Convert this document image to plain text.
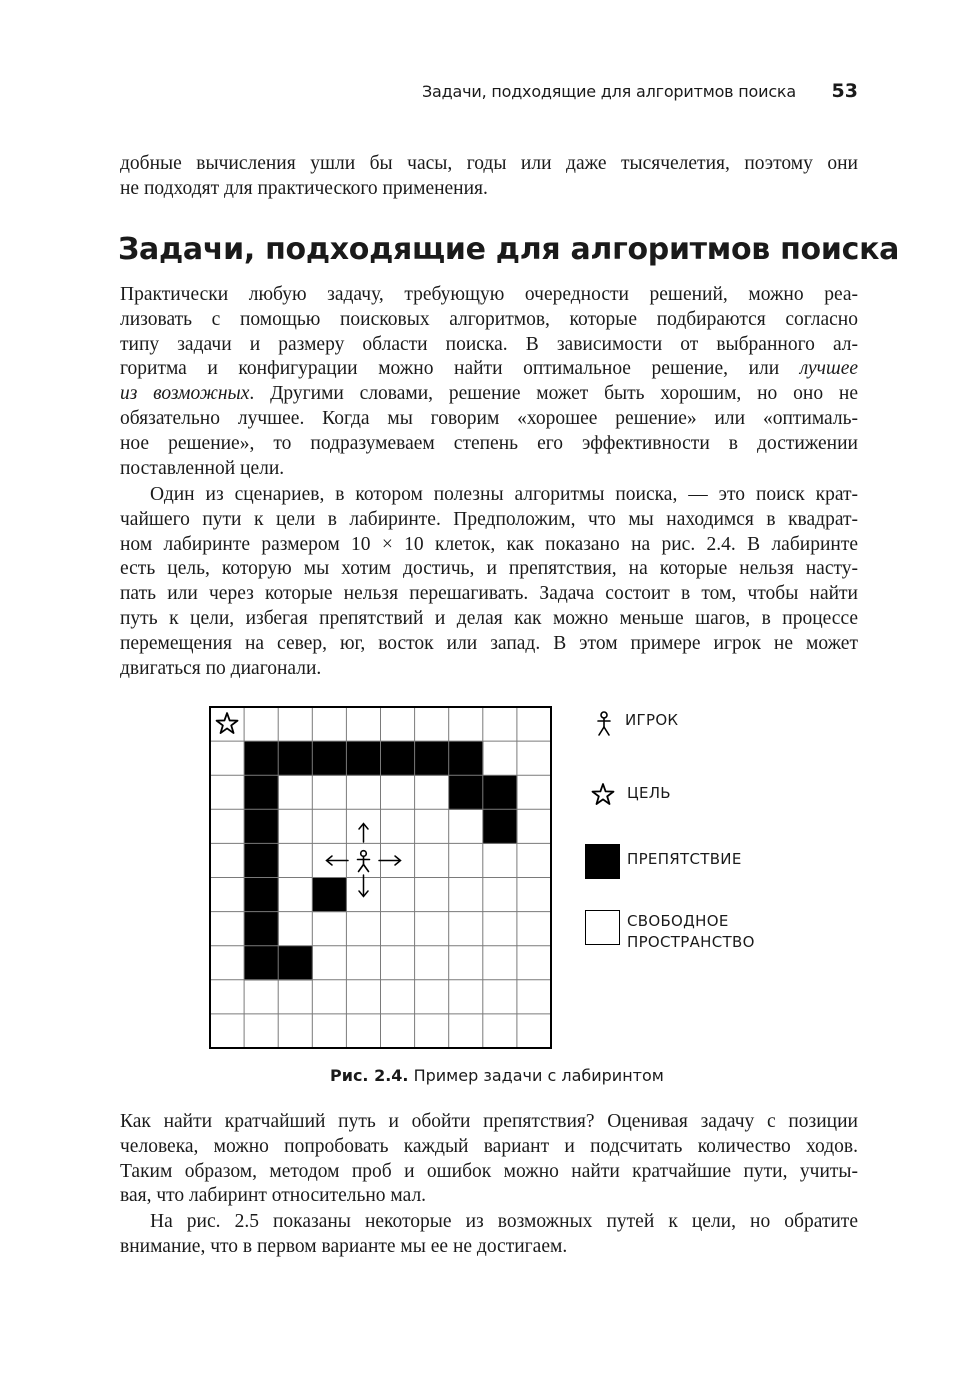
Задачи, подходящие для алгоритмов поиска 53
добные вычисления ушли бы часы, годы или даже тысячелетия, поэтому они
не подходят для практического применения.
Задачи, подходящие для алгоритмов поиска
Практически любую задачу, требующую очередности решений, можно реа-
лизовать с помощью поисковых алгоритмов, которые подбираются согласно
типу задачи и размеру области поиска. В зависимости от выбранного ал-
горитма и конфигурации можно найти оптимальное решение, или лучшее
из возможных. Другими словами, решение может быть хорошим, но оно не
обязательно лучшее. Когда мы говорим «хорошее решение» или «оптималь-
ное решение», то подразумеваем степень его эффективности в достижении
поставленной цели.
Один из сценариев, в котором полезны алгоритмы поиска, — это поиск крат-
чайшего пути к цели в лабиринте. Предположим, что мы находимся в квадрат-
ном лабиринте размером 10 × 10 клеток, как показано на рис. 2.4. В лабиринте
есть цель, которую мы хотим достичь, и препятствия, на которые нельзя насту-
пать или через которые нельзя перешагивать. Задача состоит в том, чтобы найти
путь к цели, избегая препятствий и делая как можно меньше шагов, в процессе
перемещения на север, юг, восток или запад. В этом примере игрок не может
двигаться по диагонали.
ИГРОК
ЦЕЛЬ
ПРЕПЯТСТВИЕ
СВОБОДНОЕ
ПРОСТРАНСТВО
Рис. 2.4. Пример задачи с лабиринтом
Как найти кратчайший путь и обойти препятствия? Оценивая задачу с позиции
человека, можно попробовать каждый вариант и подсчитать количество ходов.
Таким образом, методом проб и ошибок можно найти кратчайшие пути, учиты-
вая, что лабиринт относительно мал.
На рис. 2.5 показаны некоторые из возможных путей к цели, но обратите
внимание, что в первом варианте мы ее не достигаем.
